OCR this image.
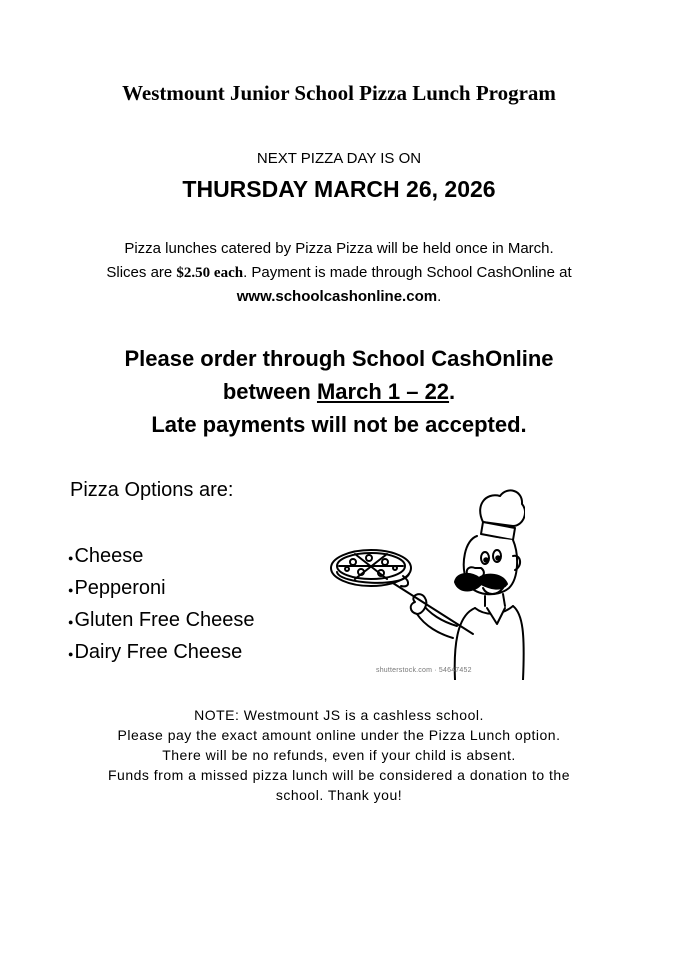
Westmount Junior School Pizza Lunch Program
NEXT PIZZA DAY IS ON
THURSDAY MARCH 26, 2026
Pizza lunches catered by Pizza Pizza will be held once in March.
Slices are $2.50 each. Payment is made through School CashOnline at
www.schoolcashonline.com.
Please order through School CashOnline
between March 1 – 22.
Late payments will not be accepted.
Pizza Options are:
●Cheese
●Pepperoni
●Gluten Free Cheese
●Dairy Free Cheese
shutterstock.com · 54647452
NOTE: Westmount JS is a cashless school.
Please pay the exact amount online under the Pizza Lunch option.
There will be no refunds, even if your child is absent.
Funds from a missed pizza lunch will be considered a donation to the
school. Thank you!
